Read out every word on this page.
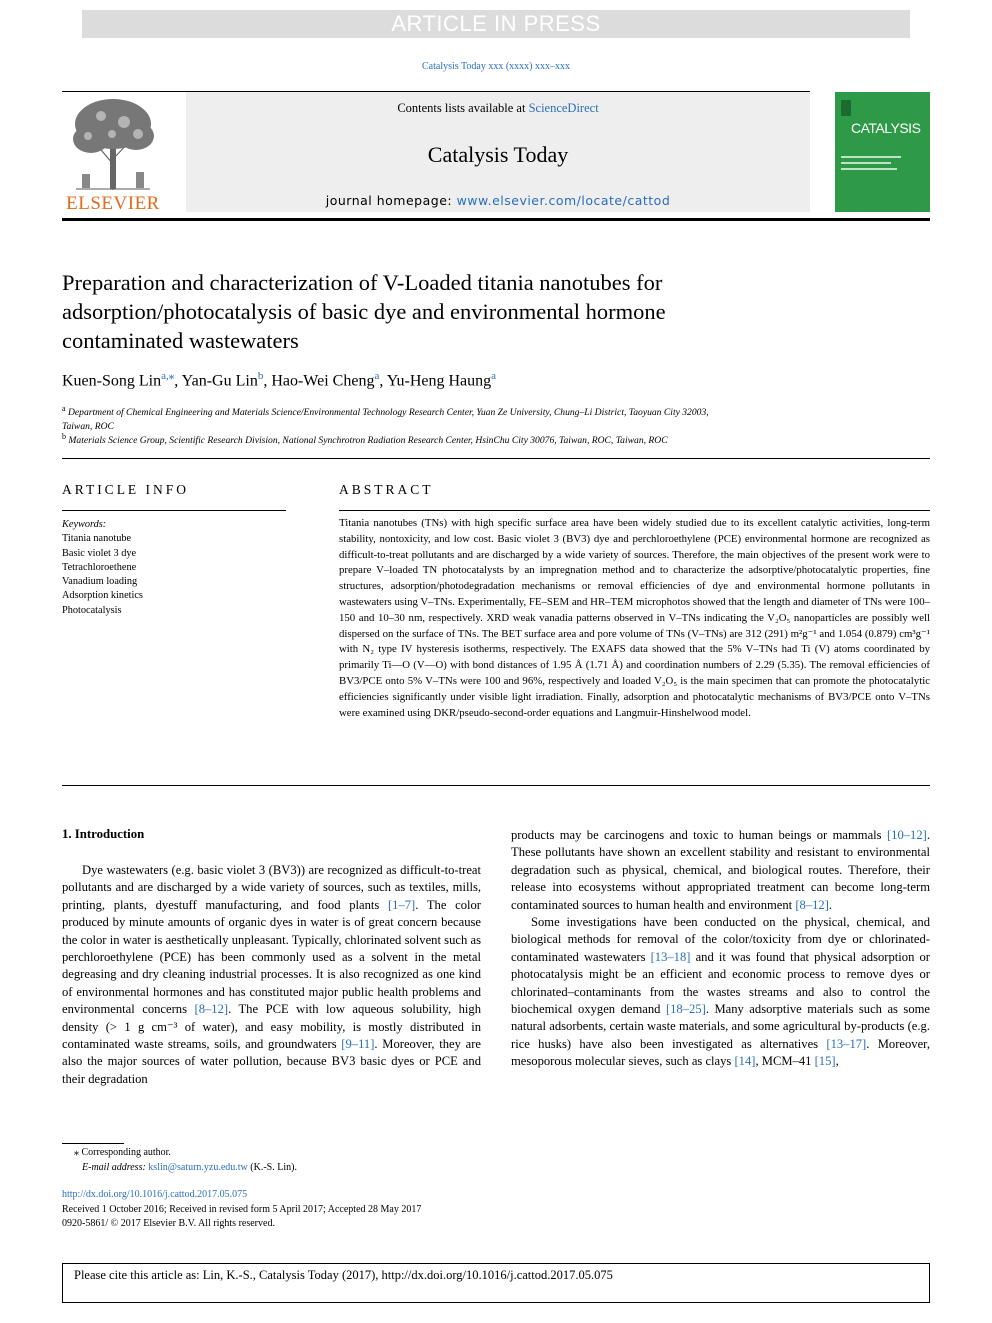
ARTICLE IN PRESS
Catalysis Today xxx (xxxx) xxx–xxx
ELSEVIER
Contents lists available at ScienceDirect
Catalysis Today
journal homepage: www.elsevier.com/locate/cattod
CATALYSIS
Preparation and characterization of V-Loaded titania nanotubes for
adsorption/photocatalysis of basic dye and environmental hormone
contaminated wastewaters
Kuen-Song Lin$^{a,⁎}$, Yan-Gu Lin$^b$, Hao-Wei Cheng$^a$, Yu-Heng Haung$^a$
$^a$ Department of Chemical Engineering and Materials Science/Environmental Technology Research Center, Yuan Ze University, Chung–Li District, Taoyuan City 32003,
Taiwan, ROC
$^b$ Materials Science Group, Scientific Research Division, National Synchrotron Radiation Research Center, HsinChu City 30076, Taiwan, ROC, Taiwan, ROC
ARTICLE INFO
Keywords:
Titania nanotube
Basic violet 3 dye
Tetrachloroethene
Vanadium loading
Adsorption kinetics
Photocatalysis
ABSTRACT
Titania nanotubes (TNs) with high specific surface area have been widely studied due to its excellent catalytic activities, long-term stability, nontoxicity, and low cost. Basic violet 3 (BV3) dye and perchloroethylene (PCE) environmental hormone are recognized as difficult-to-treat pollutants and are discharged by a wide variety of sources. Therefore, the main objectives of the present work were to prepare V–loaded TN photocatalysts by an impregnation method and to characterize the adsorptive/photocatalytic properties, fine structures, adsorption/photodegradation mechanisms or removal efficiencies of dye and environmental hormone pollutants in wastewaters using V–TNs. Experimentally, FE–SEM and HR–TEM microphotos showed that the length and diameter of TNs were 100–150 and 10–30 nm, respectively. XRD weak vanadia patterns observed in V–TNs indicating the V₂O₅ nanoparticles are possibly well dispersed on the surface of TNs. The BET surface area and pore volume of TNs (V–TNs) are 312 (291) m²g⁻¹ and 1.054 (0.879) cm³g⁻¹ with N₂ type IV hysteresis isotherms, respectively. The EXAFS data showed that the 5% V–TNs had Ti (V) atoms coordinated by primarily Ti—O (V—O) with bond distances of 1.95 Å (1.71 Å) and coordination numbers of 2.29 (5.35). The removal efficiencies of BV3/PCE onto 5% V–TNs were 100 and 96%, respectively and loaded V₂O₅ is the main specimen that can promote the photocatalytic efficiencies significantly under visible light irradiation. Finally, adsorption and photocatalytic mechanisms of BV3/PCE onto V–TNs were examined using DKR/pseudo-second-order equations and Langmuir-Hinshelwood model.
1. Introduction

Dye wastewaters (e.g. basic violet 3 (BV3)) are recognized as difficult-to-treat pollutants and are discharged by a wide variety of sources, such as textiles, mills, printing, plants, dyestuff manufacturing, and food plants [1–7]. The color produced by minute amounts of organic dyes in water is of great concern because the color in water is aesthetically unpleasant. Typically, chlorinated solvent such as perchloroethylene (PCE) has been commonly used as a solvent in the metal degreasing and dry cleaning industrial processes. It is also recognized as one kind of environmental hormones and has constituted major public health problems and environmental concerns [8–12]. The PCE with low aqueous solubility, high density (> 1 g cm⁻³ of water), and easy mobility, is mostly distributed in contaminated waste streams, soils, and groundwaters [9–11]. Moreover, they are also the major sources of water pollution, because BV3 basic dyes or PCE and their degradation

products may be carcinogens and toxic to human beings or mammals [10–12]. These pollutants have shown an excellent stability and resistant to environmental degradation such as physical, chemical, and biological routes. Therefore, their release into ecosystems without appropriated treatment can become long-term contaminated sources to human health and environment [8–12].

Some investigations have been conducted on the physical, chemical, and biological methods for removal of the color/toxicity from dye or chlorinated-contaminated wastewaters [13–18] and it was found that physical adsorption or photocatalysis might be an efficient and economic process to remove dyes or chlorinated–contaminants from the wastes streams and also to control the biochemical oxygen demand [18–25]. Many adsorptive materials such as some natural adsorbents, certain waste materials, and some agricultural by-products (e.g. rice husks) have also been investigated as alternatives [13–17]. Moreover, mesoporous molecular sieves, such as clays [14], MCM–41 [15],

⁎ Corresponding author.
E-mail address: kslin@saturn.yzu.edu.tw (K.-S. Lin).
http://dx.doi.org/10.1016/j.cattod.2017.05.075
Received 1 October 2016; Received in revised form 5 April 2017; Accepted 28 May 2017
0920-5861/ © 2017 Elsevier B.V. All rights reserved.
Please cite this article as: Lin, K.-S., Catalysis Today (2017), http://dx.doi.org/10.1016/j.cattod.2017.05.075
